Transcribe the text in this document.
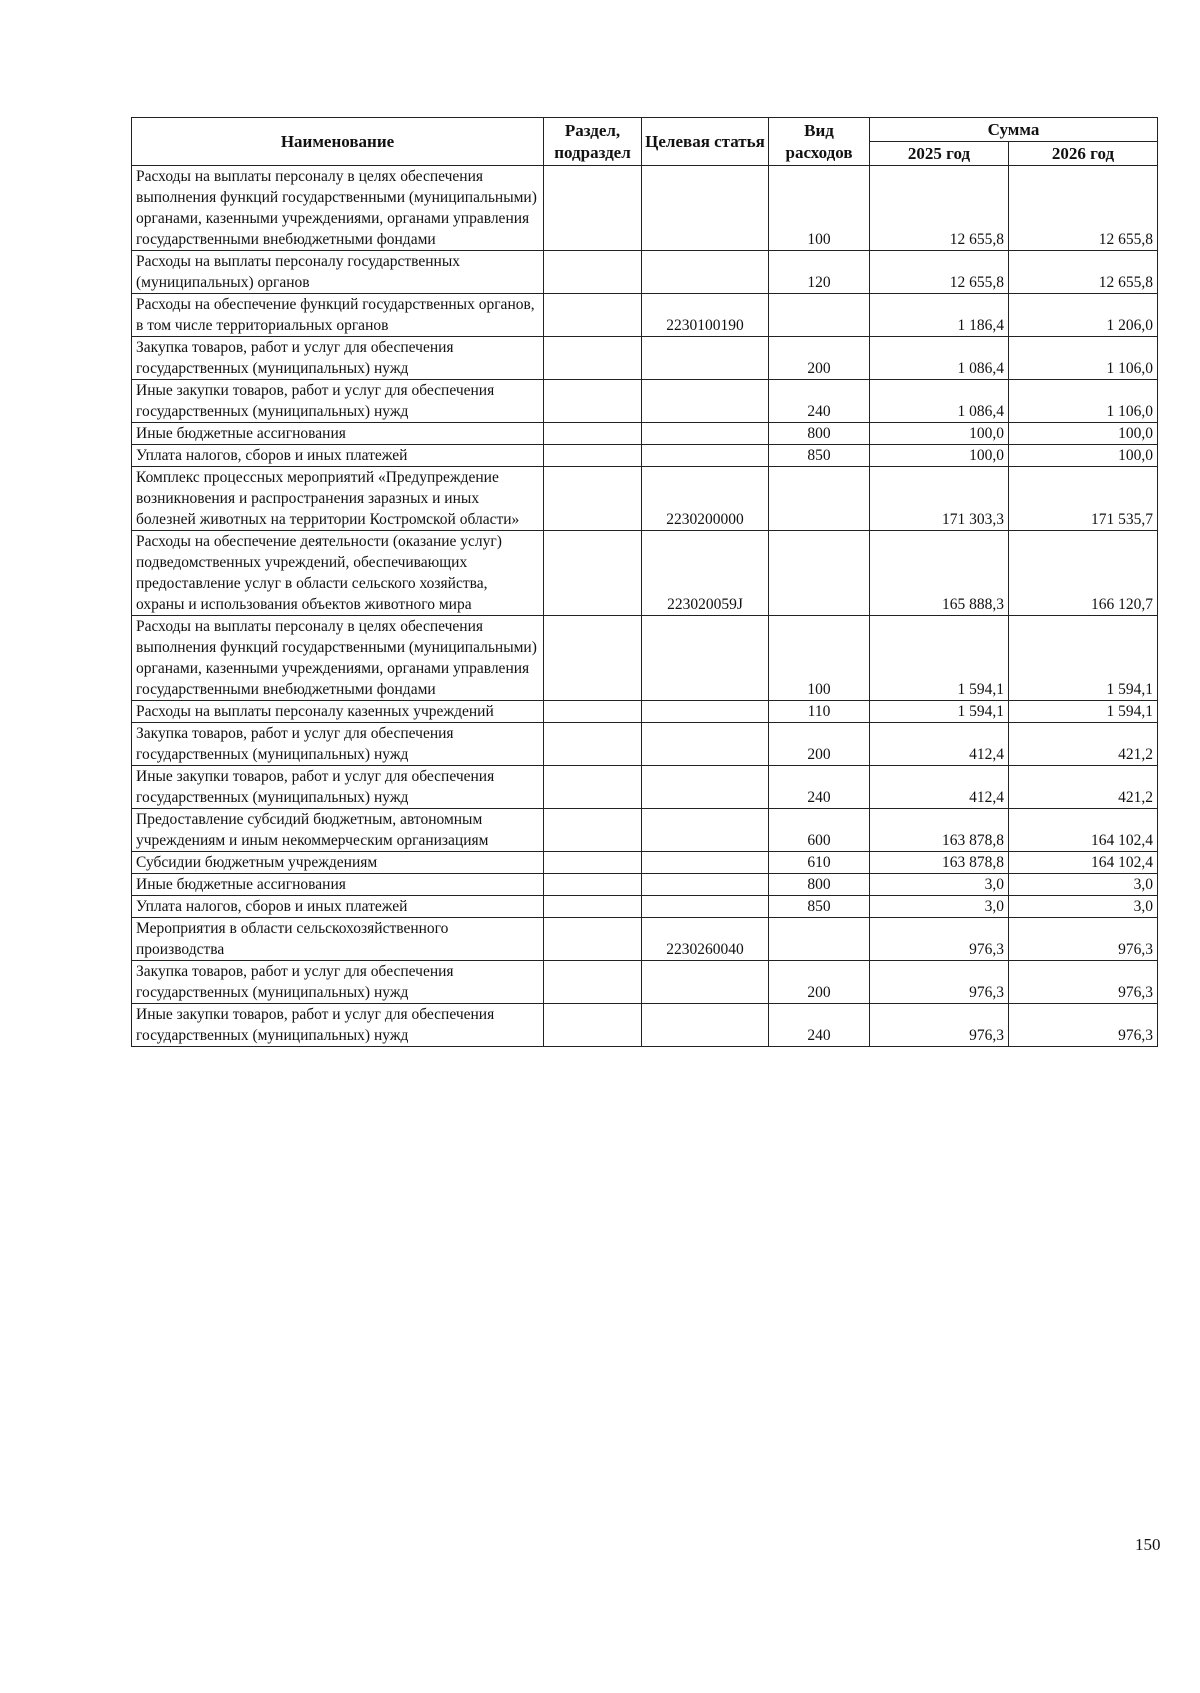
Наименование	Раздел, подраздел	Целевая статья	Вид расходов	Сумма	
				2025 год	2026 год
Расходы на выплаты персоналу в целях обеспечения выполнения функций государственными (муниципальными) органами, казенными учреждениями, органами управления государственными внебюджетными фондами			100	12 655,8	12 655,8
Расходы на выплаты персоналу государственных (муниципальных) органов			120	12 655,8	12 655,8
Расходы на обеспечение функций государственных органов, в том числе территориальных органов		2230100190		1 186,4	1 206,0
Закупка товаров, работ и услуг для обеспечения государственных (муниципальных) нужд			200	1 086,4	1 106,0
Иные закупки товаров, работ и услуг для обеспечения государственных (муниципальных) нужд			240	1 086,4	1 106,0
Иные бюджетные ассигнования			800	100,0	100,0
Уплата налогов, сборов и иных платежей			850	100,0	100,0
Комплекс процессных мероприятий «Предупреждение возникновения и распространения заразных и иных болезней животных на территории Костромской области»		2230200000		171 303,3	171 535,7
Расходы на обеспечение деятельности (оказание услуг) подведомственных учреждений, обеспечивающих предоставление услуг в области сельского хозяйства, охраны и использования объектов животного мира		223020059J		165 888,3	166 120,7
Расходы на выплаты персоналу в целях обеспечения выполнения функций государственными (муниципальными) органами, казенными учреждениями, органами управления государственными внебюджетными фондами			100	1 594,1	1 594,1
Расходы на выплаты персоналу казенных учреждений			110	1 594,1	1 594,1
Закупка товаров, работ и услуг для обеспечения государственных (муниципальных) нужд			200	412,4	421,2
Иные закупки товаров, работ и услуг для обеспечения государственных (муниципальных) нужд			240	412,4	421,2
Предоставление субсидий бюджетным, автономным учреждениям и иным некоммерческим организациям			600	163 878,8	164 102,4
Субсидии бюджетным учреждениям			610	163 878,8	164 102,4
Иные бюджетные ассигнования			800	3,0	3,0
Уплата налогов, сборов и иных платежей			850	3,0	3,0
Мероприятия в области сельскохозяйственного производства		2230260040		976,3	976,3
Закупка товаров, работ и услуг для обеспечения государственных (муниципальных) нужд			200	976,3	976,3
Иные закупки товаров, работ и услуг для обеспечения государственных (муниципальных) нужд			240	976,3	976,3
150
